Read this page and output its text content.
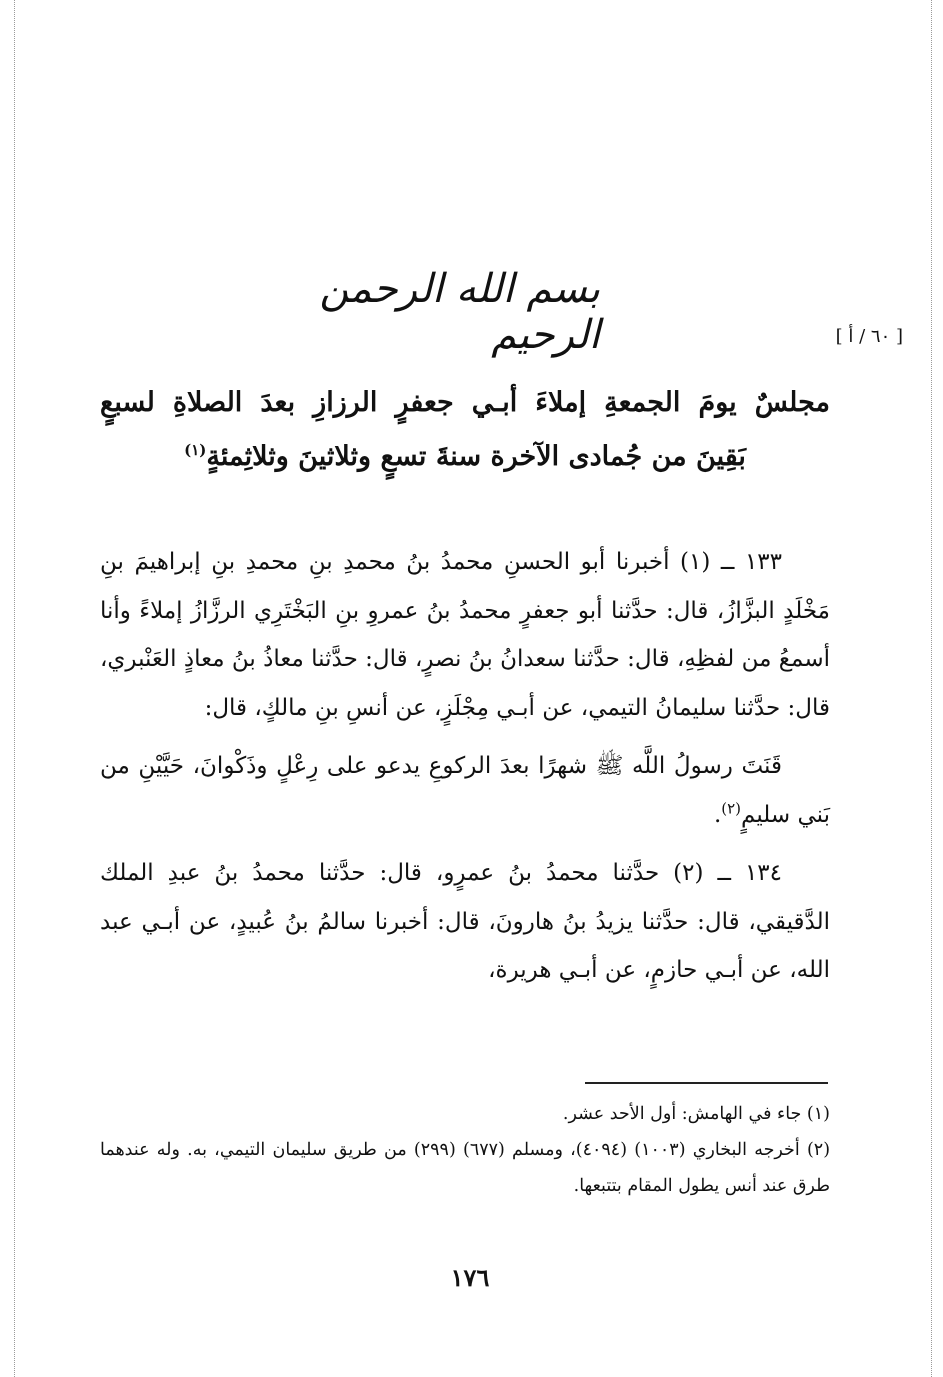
[ ٦٠ / أ ]
بسم الله الرحمن الرحيم
مجلسٌ يومَ الجمعةِ إملاءَ أبـي جعفرٍ الرزازِ بعدَ الصلاةِ لسبعٍ
بَقِينَ من جُمادى الآخرة سنةَ تسعٍ وثلاثينَ وثلاثِمئةٍ$^{(١)}$

١٣٣ ــ (١) أخبرنا أبو الحسنِ محمدُ بنُ محمدِ بنِ محمدِ بنِ إبراهيمَ بنِ مَخْلَدٍ البزَّازُ، قال: حدَّثنا أبو جعفرٍ محمدُ بنُ عمروِ بنِ البَخْتَرِي الرزَّازُ إملاءً وأنا أسمعُ من لفظِهِ، قال: حدَّثنا سعدانُ بنُ نصرٍ، قال: حدَّثنا معاذُ بنُ معاذٍ العَنْبري، قال: حدَّثنا سليمانُ التيمي، عن أبـي مِجْلَزٍ، عن أنسِ بنِ مالكٍ، قال:

قَنَتَ رسولُ اللَّه ﷺ شهرًا بعدَ الركوعِ يدعو على رِعْلٍ وذَكْوانَ، حَيَّيْنِ من بَني سليمٍ$^{(٢)}$.

١٣٤ ــ (٢) حدَّثنا محمدُ بنُ عمرٍو، قال: حدَّثنا محمدُ بنُ عبدِ الملك الدَّقيقي، قال: حدَّثنا يزيدُ بنُ هارونَ، قال: أخبرنا سالمُ بنُ عُبيدٍ، عن أبـي عبد الله، عن أبـي حازمٍ، عن أبـي هريرة،

(١) جاء في الهامش: أول الأحد عشر.

(٢) أخرجه البخاري (١٠٠٣) (٤٠٩٤)، ومسلم (٦٧٧) (٢٩٩) من طريق سليمان التيمي، به. وله عندهما طرق عند أنس يطول المقام بتتبعها.

١٧٦
